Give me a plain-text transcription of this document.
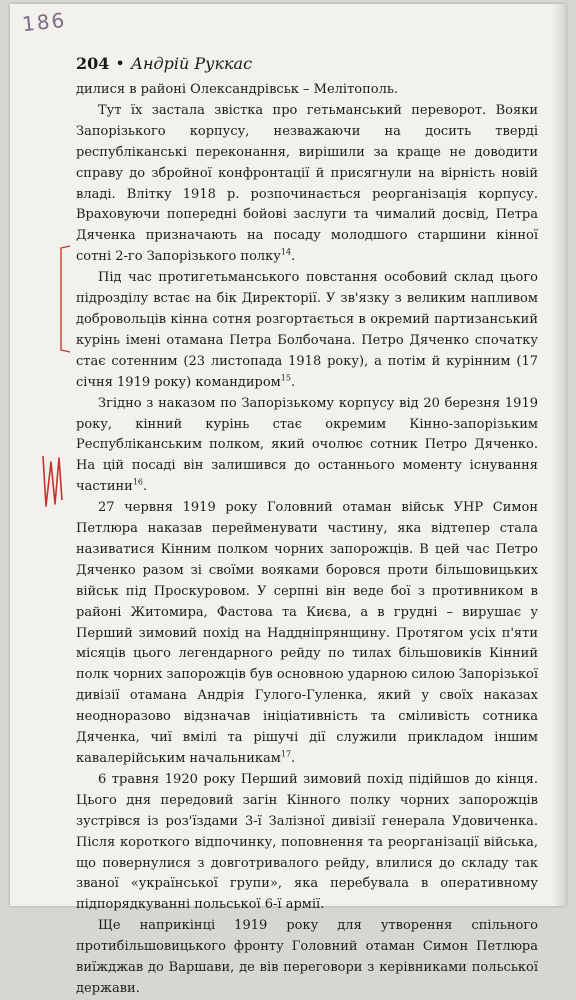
186
204 • Андрій Руккас

дилися в районі Олександрівськ – Мелітополь.

Тут їх застала звістка про гетьманський переворот. Вояки Запорізького корпусу, незважаючи на досить тверді республіканські переконання, вирішили за краще не доводити справу до збройної конфронтації й присягнули на вірність новій владі. Влітку 1918 р. розпочинається реорганізація корпусу. Враховуючи попередні бойові заслуги та чималий досвід, Петра Дяченка призначають на посаду молодшого старшини кінної сотні 2-го Запорізького полку$^{14}$.

Під час протигетьманського повстання особовий склад цього підрозділу встає на бік Директорії. У зв'язку з великим напливом добровольців кінна сотня розгортається в окремий партизанський курінь імені отамана Петра Болбочана. Петро Дяченко спочатку стає сотенним (23 листопада 1918 року), а потім й курінним (17 січня 1919 року) командиром$^{15}$.

Згідно з наказом по Запорізькому корпусу від 20 березня 1919 року, кінний курінь стає окремим Кінно-запорізьким Республіканським полком, який очолює сотник Петро Дяченко. На цій посаді він залишився до останнього моменту існування частини$^{16}$.

27 червня 1919 року Головний отаман військ УНР Симон Петлюра наказав перейменувати частину, яка відтепер стала називатися Кінним полком чорних запорожців. В цей час Петро Дяченко разом зі своїми вояками боровся проти більшовицьких військ під Проскуровом. У серпні він веде бої з противником в районі Житомира, Фастова та Києва, а в грудні – вирушає у Перший зимовий похід на Наддніпрянщину. Протягом усіх п'яти місяців цього легендарного рейду по тилах більшовиків Кінний полк чорних запорожців був основною ударною силою Запорізької дивізії отамана Андрія Гулого-Гуленка, який у своїх наказах неодноразово відзначав ініціативність та сміливість сотника Дяченка, чиї вмілі та рішучі дії служили прикладом іншим кавалерійським начальникам$^{17}$.

6 травня 1920 року Перший зимовий похід підійшов до кінця. Цього дня передовий загін Кінного полку чорних запорожців зустрівся із роз'їздами 3-ї Залізної дивізії генерала Удовиченка. Після короткого відпочинку, поповнення та реорганізації війська, що повернулися з довготривалого рейду, влилися до складу так званої «української групи», яка перебувала в оперативному підпорядкуванні польської 6-ї армії.

Ще наприкінці 1919 року для утворення спільного протибільшовицького фронту Головний отаман Симон Петлюра виїжджав до Варшави, де вів переговори з керівниками польської держави.
